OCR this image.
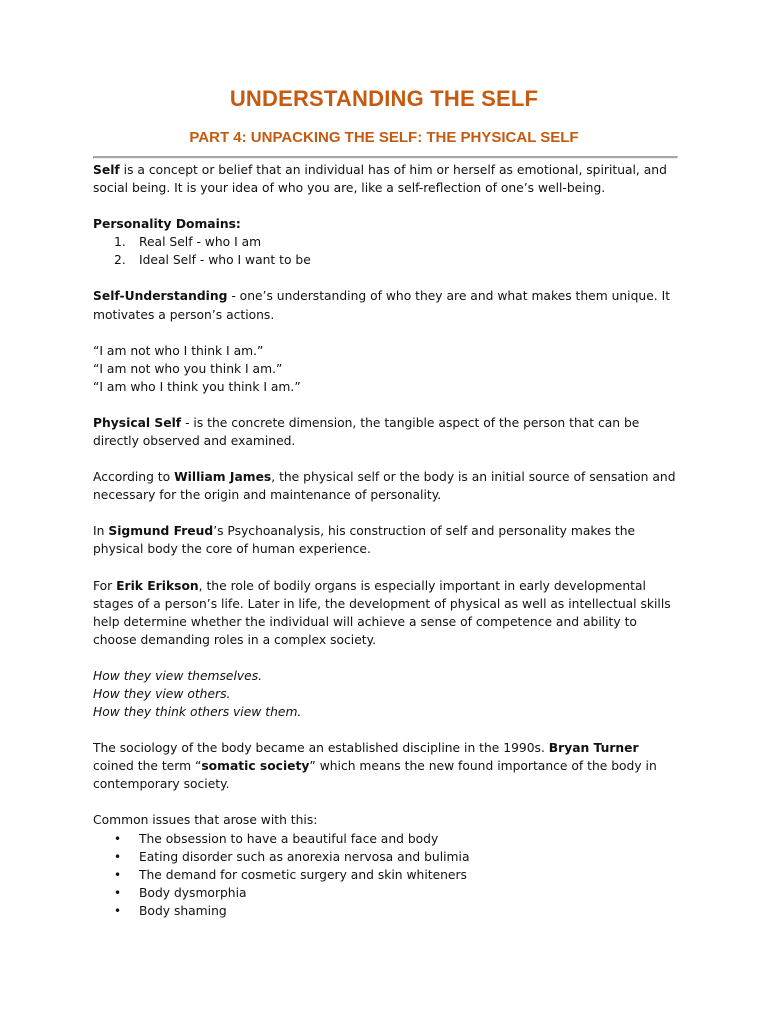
UNDERSTANDING THE SELF
PART 4: UNPACKING THE SELF: THE PHYSICAL SELF

Self is a concept or belief that an individual has of him or herself as emotional, spiritual, and social being. It is your idea of who you are, like a self-reflection of one’s well-being.

Personality Domains:
1.	Real Self - who I am
2.	Ideal Self - who I want to be

Self-Understanding - one’s understanding of who they are and what makes them unique. It motivates a person’s actions.

“I am not who I think I am.”
“I am not who you think I am.”
“I am who I think you think I am.”

Physical Self - is the concrete dimension, the tangible aspect of the person that can be directly observed and examined.

According to William James, the physical self or the body is an initial source of sensation and necessary for the origin and maintenance of personality.

In Sigmund Freud’s Psychoanalysis, his construction of self and personality makes the physical body the core of human experience.

For Erik Erikson, the role of bodily organs is especially important in early developmental stages of a person’s life. Later in life, the development of physical as well as intellectual skills help determine whether the individual will achieve a sense of competence and ability to choose demanding roles in a complex society.

How they view themselves.
How they view others.
How they think others view them.

The sociology of the body became an established discipline in the 1990s. Bryan Turner coined the term “somatic society” which means the new found importance of the body in contemporary society.

Common issues that arose with this:
•	The obsession to have a beautiful face and body
•	Eating disorder such as anorexia nervosa and bulimia
•	The demand for cosmetic surgery and skin whiteners
•	Body dysmorphia
•	Body shaming
